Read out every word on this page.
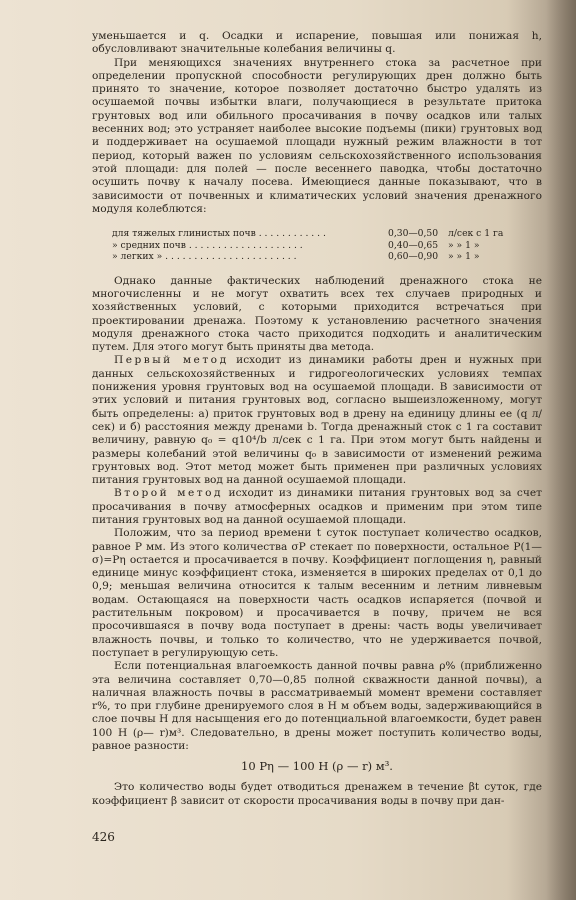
уменьшается и q. Осадки и испарение, повышая или понижая h, обусловливают значительные колебания величины q.

При меняющихся значениях внутреннего стока за расчетное при определении пропускной способности регулирующих дрен должно быть принято то значение, которое позволяет достаточно быстро удалять из осушаемой почвы избытки влаги, получающиеся в результате притока грунтовых вод или обильного просачивания в почву осадков или талых весенних вод; это устраняет наиболее высокие подъемы (пики) грунтовых вод и поддерживает на осушаемой площади нужный режим влажности в тот период, который важен по условиям сельскохозяйственного использования этой площади: для полей — после весеннего паводка, чтобы достаточно осушить почву к началу посева. Имеющиеся данные показывают, что в зависимости от почвенных и климатических условий значения дренажного модуля колеблются:

для тяжелых глинистых почв . . . . . . . . . . . .	0,30—0,50	л/сек с 1 га
» средних почв . . . . . . . . . . . . . . . . . . . .	0,40—0,65	» » 1 »
» легких » . . . . . . . . . . . . . . . . . . . . . . .	0,60—0,90	» » 1 »

Однако данные фактических наблюдений дренажного стока не многочисленны и не могут охватить всех тех случаев природных и хозяйственных условий, с которыми приходится встречаться при проектировании дренажа. Поэтому к установлению расчетного значения модуля дренажного стока часто приходится подходить и аналитическим путем. Для этого могут быть приняты два метода.

Первый метод исходит из динамики работы дрен и нужных при данных сельскохозяйственных и гидрогеологических условиях темпах понижения уровня грунтовых вод на осушаемой площади. В зависимости от этих условий и питания грунтовых вод, согласно вышеизложенному, могут быть определены: а) приток грунтовых вод в дрену на единицу длины ее (q л/сек) и б) расстояния между дренами b. Тогда дренажный сток с 1 га составит величину, равную q₀ = q10⁴/b л/сек с 1 га. При этом могут быть найдены и размеры колебаний этой величины q₀ в зависимости от изменений режима грунтовых вод. Этот метод может быть применен при различных условиях питания грунтовых вод на данной осушаемой площади.

Второй метод исходит из динамики питания грунтовых вод за счет просачивания в почву атмосферных осадков и применим при этом типе питания грунтовых вод на данной осушаемой площади.

Положим, что за период времени t суток поступает количество осадков, равное P мм. Из этого количества σP стекает по поверхности, остальное P(1—σ)=Pη остается и просачивается в почву. Коэффициент поглощения η, равный единице минус коэффициент стока, изменяется в широких пределах от 0,1 до 0,9; меньшая величина относится к талым весенним и летним ливневым водам. Остающаяся на поверхности часть осадков испаряется (почвой и растительным покровом) и просачивается в почву, причем не вся просочившаяся в почву вода поступает в дрены: часть воды увеличивает влажность почвы, и только то количество, что не удерживается почвой, поступает в регулирующую сеть.

Если потенциальная влагоемкость данной почвы равна ρ% (приближенно эта величина составляет 0,70—0,85 полной скважности данной почвы), а наличная влажность почвы в рассматриваемый момент времени составляет r%, то при глубине дренируемого слоя в H м объем воды, задерживающийся в слое почвы H для насыщения его до потенциальной влагоемкости, будет равен 100 H (ρ— r)м³. Следовательно, в дрены может поступить количество воды, равное разности:

10 Pη — 100 H (ρ — r) м³.

Это количество воды будет отводиться дренажем в течение βt суток, где коэффициент β зависит от скорости просачивания воды в почву при дан-

426
